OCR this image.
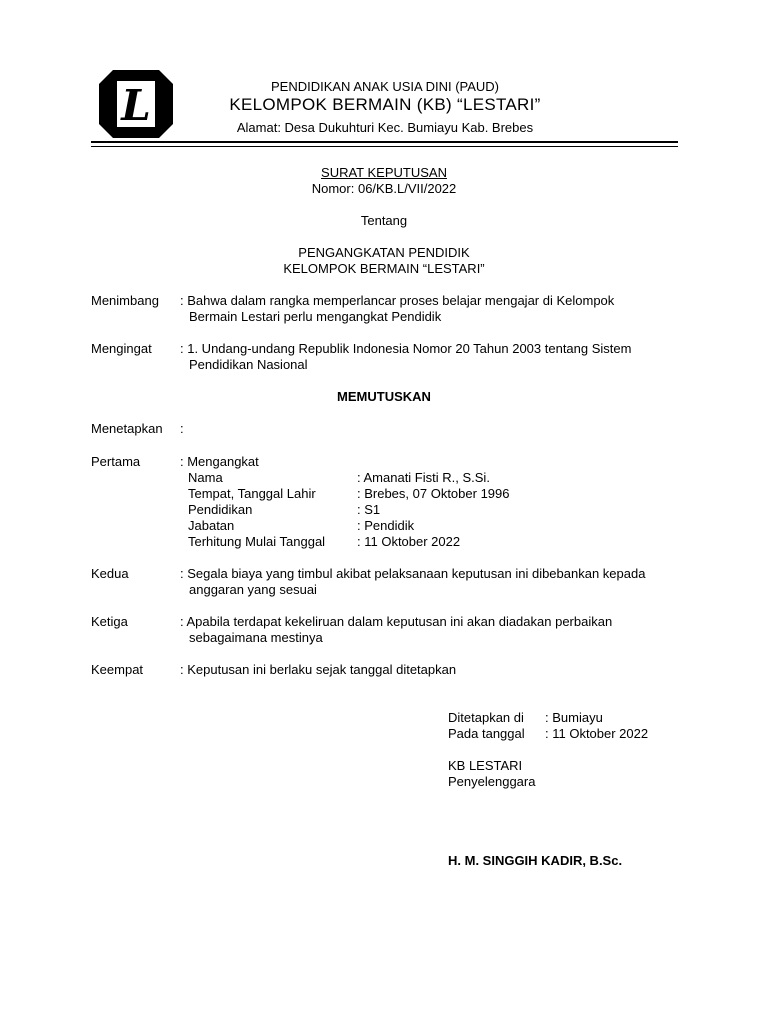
L	PENDIDIKAN ANAK USIA DINI (PAUD)
KELOMPOK BERMAIN (KB) “LESTARI”
Alamat: Desa Dukuhturi Kec. Bumiayu Kab. Brebes
SURAT KEPUTUSAN
Nomor: 06/KB.L/VII/2022
Tentang
PENGANGKATAN PENDIDIK
KELOMPOK BERMAIN “LESTARI”
Menimbang : Bahwa dalam rangka memperlancar proses belajar mengajar di Kelompok
Bermain Lestari perlu mengangkat Pendidik
Mengingat : 1. Undang-undang Republik Indonesia Nomor 20 Tahun 2003 tentang Sistem
Pendidikan Nasional
MEMUTUSKAN
Menetapkan :
Pertama	: Mengangkat
Nama	: Amanati Fisti R., S.Si.
Tempat, Tanggal Lahir	: Brebes, 07 Oktober 1996
Pendidikan	: S1
Jabatan	: Pendidik
Terhitung Mulai Tanggal : 11 Oktober 2022
Kedua	: Segala biaya yang timbul akibat pelaksanaan keputusan ini dibebankan kepada
anggaran yang sesuai
Ketiga	: Apabila terdapat kekeliruan dalam keputusan ini akan diadakan perbaikan
sebagaimana mestinya
Keempat	: Keputusan ini berlaku sejak tanggal ditetapkan
Ditetapkan di : Bumiayu
Pada tanggal : 11 Oktober 2022
KB LESTARI
Penyelenggara
H. M. SINGGIH KADIR, B.Sc.
